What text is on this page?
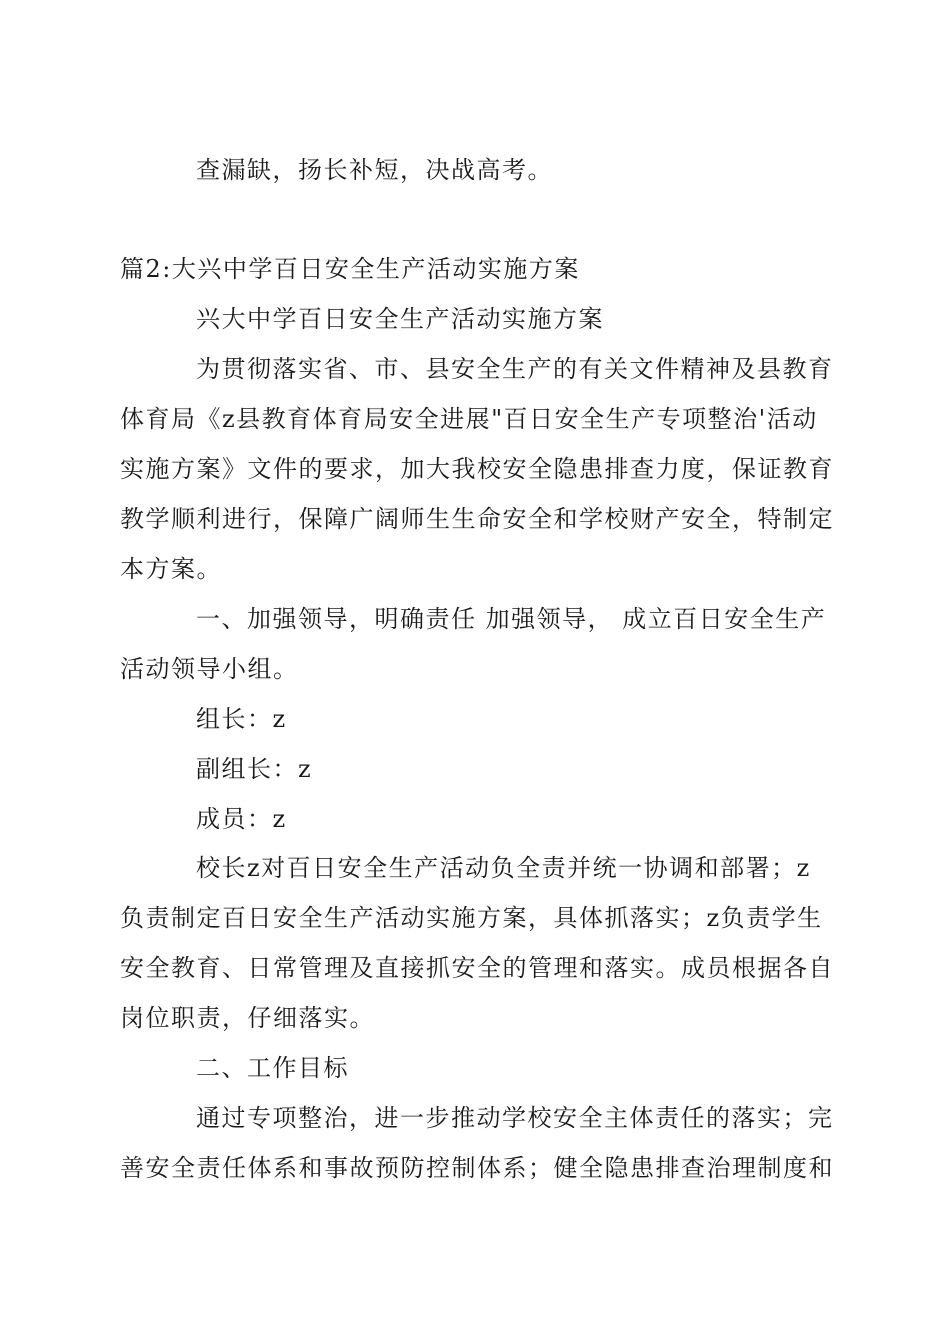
查漏缺，扬长补短，决战高考。
篇2:大兴中学百日安全生产活动实施方案
兴大中学百日安全生产活动实施方案
为贯彻落实省、市、县安全生产的有关文件精神及县教育
体育局《z县教育体育局安全进展"百日安全生产专项整治'活动
实施方案》文件的要求，加大我校安全隐患排查力度，保证教育
教学顺利进行，保障广阔师生生命安全和学校财产安全，特制定
本方案。
一、加强领导，明确责任 加强领导， 成立百日安全生产
活动领导小组。
组长：z
副组长：z
成员：z
校长z对百日安全生产活动负全责并统一协调和部署；z
负责制定百日安全生产活动实施方案，具体抓落实；z负责学生
安全教育、日常管理及直接抓安全的管理和落实。成员根据各自
岗位职责，仔细落实。
二、工作目标
通过专项整治，进一步推动学校安全主体责任的落实；完
善安全责任体系和事故预防控制体系；健全隐患排查治理制度和
